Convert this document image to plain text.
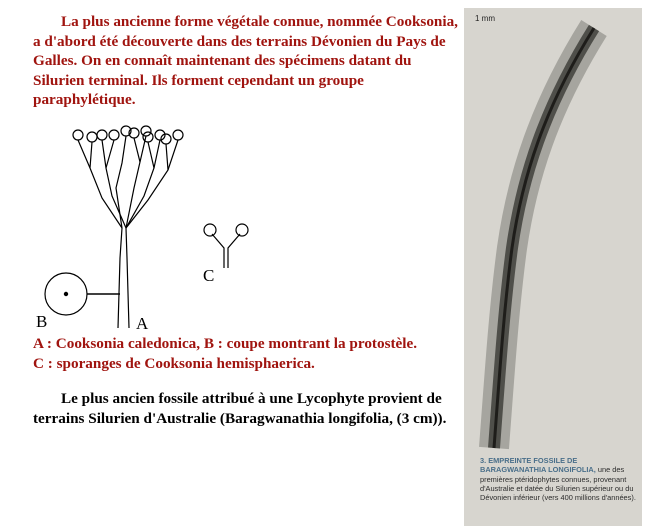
La plus ancienne forme végétale connue, nommée Cooksonia, a d'abord été découverte dans des terrains Dévonien du Pays de Galles. On en connaît maintenant des spécimens datant du Silurien terminal. Ils forment cependant un groupe paraphylétique.

B	A
C

A : Cooksonia caledonica, B : coupe montrant la protostèle.
C : sporanges de Cooksonia hemisphaerica.

Le plus ancien fossile attribué à une Lycophyte provient de terrains Silurien d'Australie (Baragwanathia longifolia, (3 cm)).

1 mm
3. EMPREINTE FOSSILE DE BARAGWANATHIA LONGIFOLIA, une des premières ptéridophytes connues, provenant d'Australie et datée du Silurien supérieur ou du Dévonien inférieur (vers 400 millions d'années).
